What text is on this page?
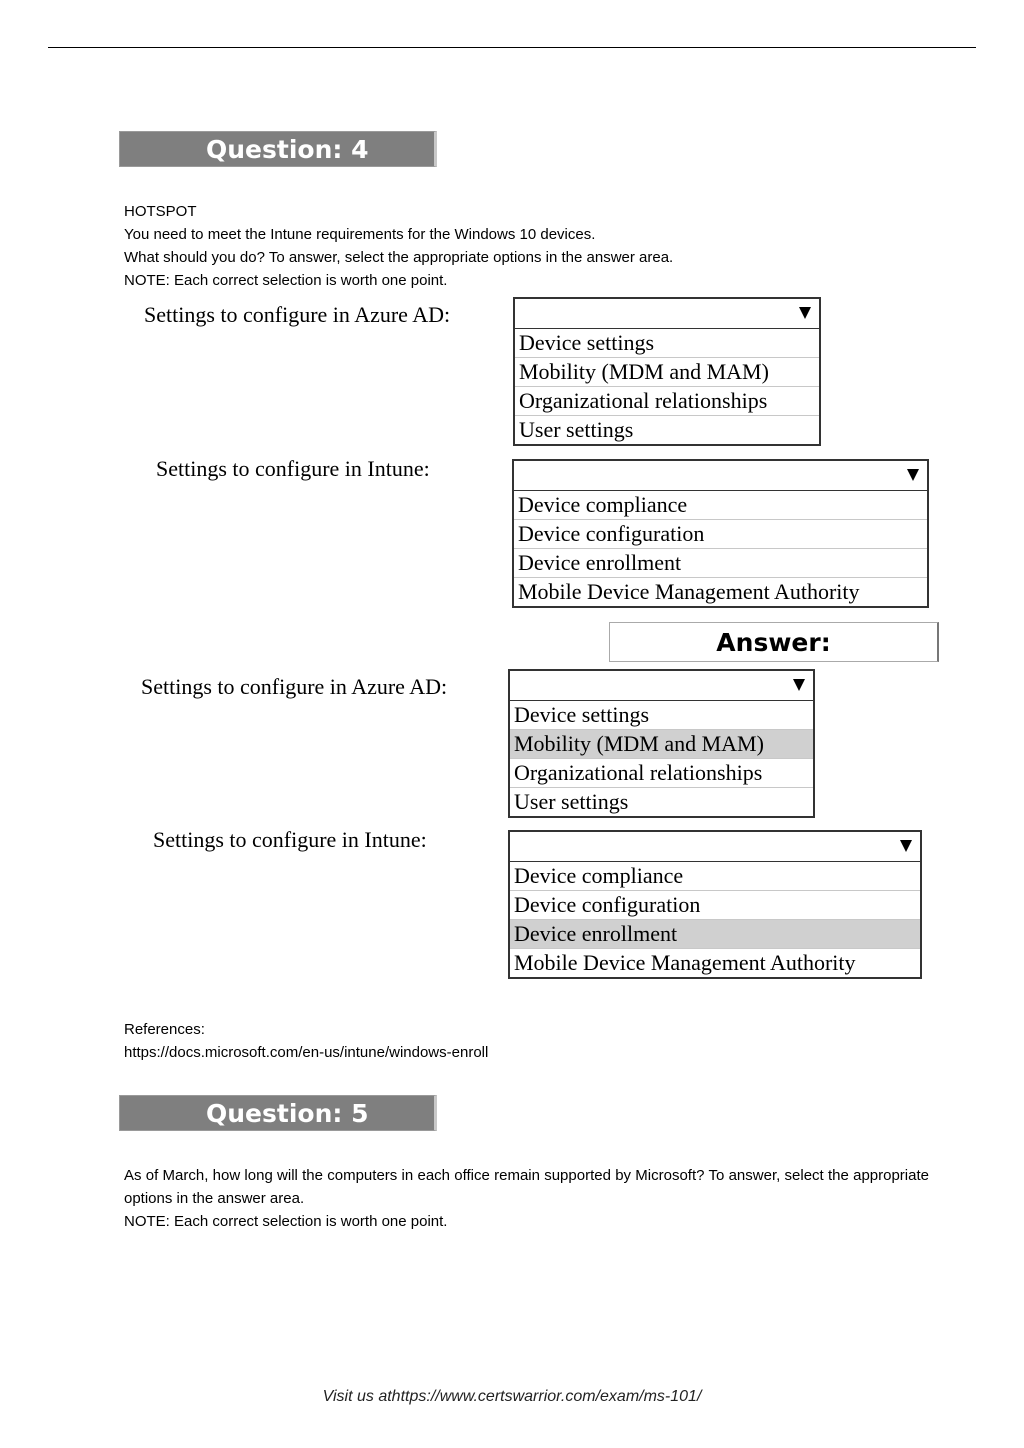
Question: 4
HOTSPOT
You need to meet the Intune requirements for the Windows 10 devices.
What should you do? To answer, select the appropriate options in the answer area.
NOTE: Each correct selection is worth one point.
Settings to configure in Azure AD:
Device settings
Mobility (MDM and MAM)
Organizational relationships
User settings
Settings to configure in Intune:
Device compliance
Device configuration
Device enrollment
Mobile Device Management Authority
Answer:
Settings to configure in Azure AD:
Device settings
Mobility (MDM and MAM)
Organizational relationships
User settings
Settings to configure in Intune:
Device compliance
Device configuration
Device enrollment
Mobile Device Management Authority
References:
https://docs.microsoft.com/en-us/intune/windows-enroll
Question: 5
As of March, how long will the computers in each office remain supported by Microsoft? To answer, select the appropriate options in the answer area.
NOTE: Each correct selection is worth one point.
Visit us athttps://www.certswarrior.com/exam/ms-101/
